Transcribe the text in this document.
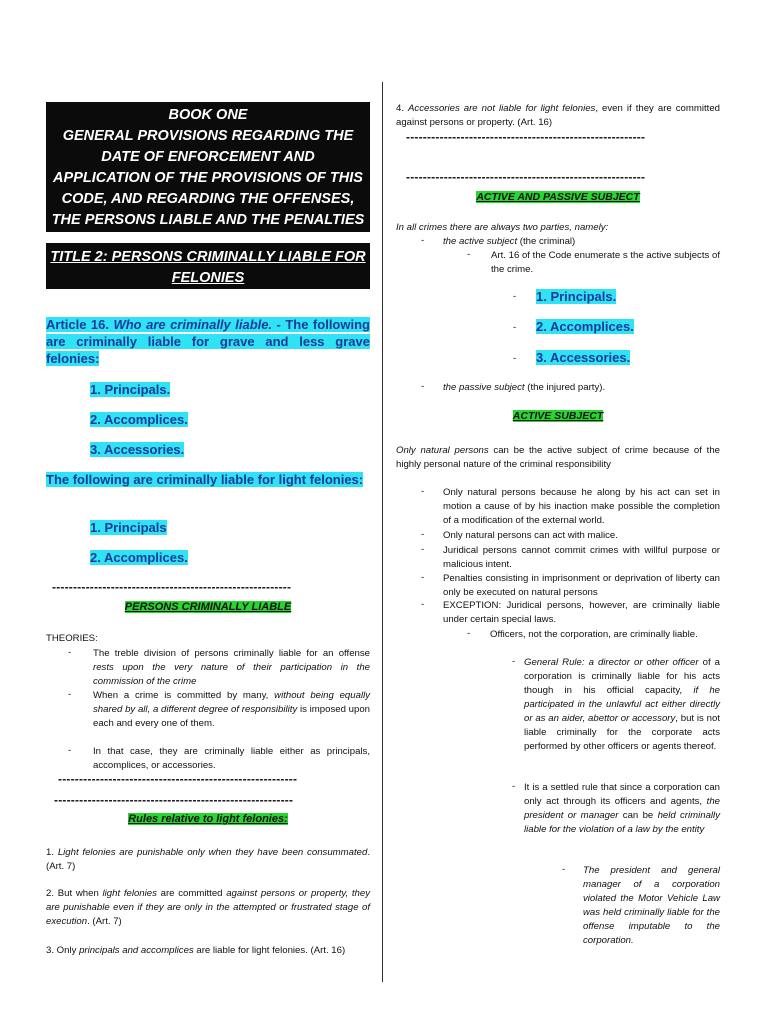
BOOK ONE
GENERAL PROVISIONS REGARDING THE
DATE OF ENFORCEMENT AND
APPLICATION OF THE PROVISIONS OF THIS
CODE, AND REGARDING THE OFFENSES,
THE PERSONS LIABLE AND THE PENALTIES
TITLE 2: PERSONS CRIMINALLY LIABLE FOR
FELONIES
Article 16. Who are criminally liable. - The following are criminally liable for grave and less grave felonies:
1. Principals.
2. Accomplices.
3. Accessories.
The following are criminally liable for light felonies:
1. Principals
2. Accomplices.
---------------------------------------------------------
PERSONS CRIMINALLY LIABLE
THEORIES:
- The treble division of persons criminally liable for an offense rests upon the very nature of their participation in the commission of the crime
- When a crime is committed by many, without being equally shared by all, a different degree of responsibility is imposed upon each and every one of them.
- In that case, they are criminally liable either as principals, accomplices, or accessories.
---------------------------------------------------------
---------------------------------------------------------
Rules relative to light felonies:
1. Light felonies are punishable only when they have been consummated. (Art. 7)
2. But when light felonies are committed against persons or property, they are punishable even if they are only in the attempted or frustrated stage of execution. (Art. 7)
3. Only principals and accomplices are liable for light felonies. (Art. 16)
4. Accessories are not liable for light felonies, even if they are committed against persons or property. (Art. 16)
---------------------------------------------------------
---------------------------------------------------------
ACTIVE AND PASSIVE SUBJECT
In all crimes there are always two parties, namely:
- the active subject (the criminal)
- Art. 16 of the Code enumerate s the active subjects of the crime.
- 1. Principals.
- 2. Accomplices.
- 3. Accessories.
- the passive subject (the injured party).
ACTIVE SUBJECT
Only natural persons can be the active subject of crime because of the highly personal nature of the criminal responsibility
- Only natural persons because he along by his act can set in motion a cause of by his inaction make possible the completion of a modification of the external world.
- Only natural persons can act with malice.
- Juridical persons cannot commit crimes with willful purpose or malicious intent.
- Penalties consisting in imprisonment or deprivation of liberty can only be executed on natural persons
- EXCEPTION: Juridical persons, however, are criminally liable under certain special laws.
- Officers, not the corporation, are criminally liable.
- General Rule: a director or other officer of a corporation is criminally liable for his acts though in his official capacity, if he participated in the unlawful act either directly or as an aider, abettor or accessory, but is not liable criminally for the corporate acts performed by other officers or agents thereof.
- It is a settled rule that since a corporation can only act through its officers and agents, the president or manager can be held criminally liable for the violation of a law by the entity
- The president and general manager of a corporation violated the Motor Vehicle Law was held criminally liable for the offense imputable to the corporation.
